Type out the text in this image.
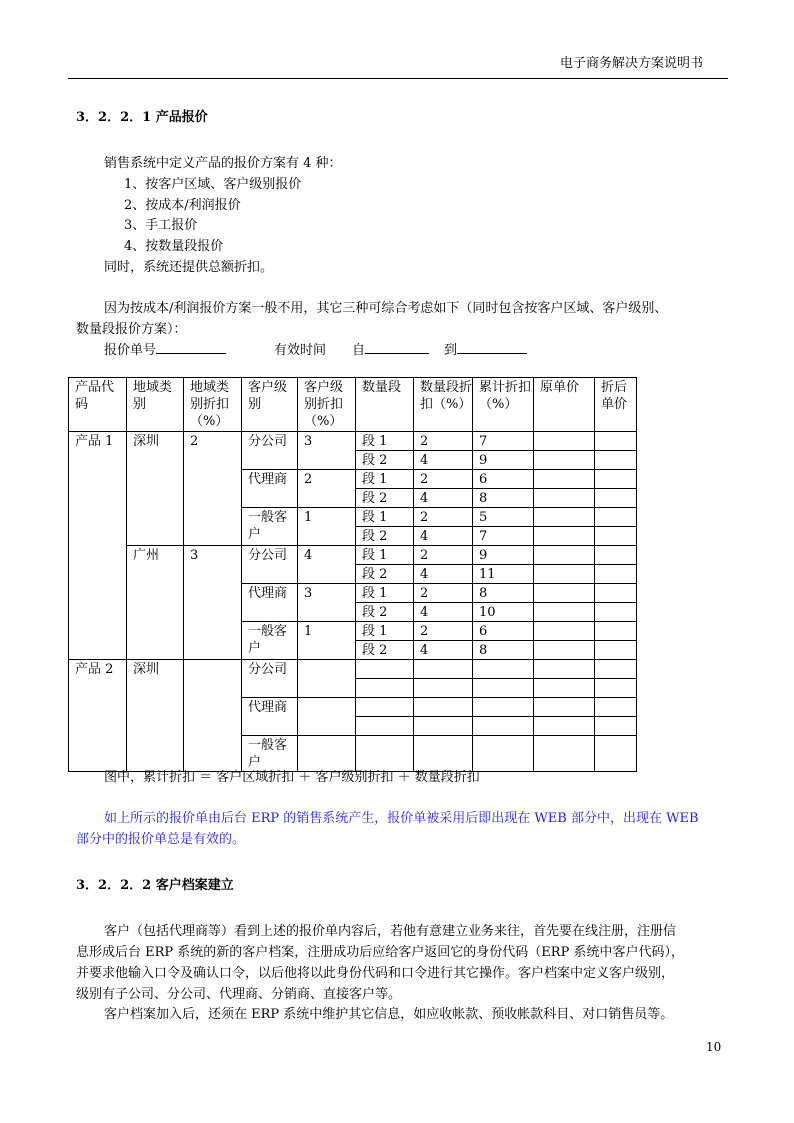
电子商务解决方案说明书
3．2．2．1 产品报价
销售系统中定义产品的报价方案有 4 种：
1、按客户区域、客户级别报价
2、按成本/利润报价
3、手工报价
4、按数量段报价
同时，系统还提供总额折扣。
因为按成本/利润报价方案一般不用，其它三种可综合考虑如下（同时包含按客户区域、客户级别、
数量段报价方案）：
报价单号	有效时间 自	到
产品代码	地域类别	地域类别折扣（%）	客户级别	客户级别折扣（%）	数量段	数量段折扣（%）	累计折扣（%）	原单价	折后单价
产品 1	深圳	2	分公司	3	段 1	2	7		
					段 2	4	9		
			代理商	2	段 1	2	6		
					段 2	4	8		
			一般客户	1	段 1	2	5		
					段 2	4	7		
	广州	3	分公司	4	段 1	2	9		
					段 2	4	11		
			代理商	3	段 1	2	8		
					段 2	4	10		
			一般客户	1	段 1	2	6		
					段 2	4	8		
产品 2	深圳		分公司						

			代理商						

			一般客户						

图中，累计折扣 ＝ 客户区域折扣 ＋ 客户级别折扣 ＋ 数量段折扣
如上所示的报价单由后台 ERP 的销售系统产生，报价单被采用后即出现在 WEB 部分中，出现在 WEB
部分中的报价单总是有效的。
3．2．2．2 客户档案建立
客户（包括代理商等）看到上述的报价单内容后，若他有意建立业务来往，首先要在线注册，注册信
息形成后台 ERP 系统的新的客户档案，注册成功后应给客户返回它的身份代码（ERP 系统中客户代码），
并要求他输入口令及确认口令，以后他将以此身份代码和口令进行其它操作。客户档案中定义客户级别，
级别有子公司、分公司、代理商、分销商、直接客户等。
客户档案加入后，还须在 ERP 系统中维护其它信息，如应收帐款、预收帐款科目、对口销售员等。
10
